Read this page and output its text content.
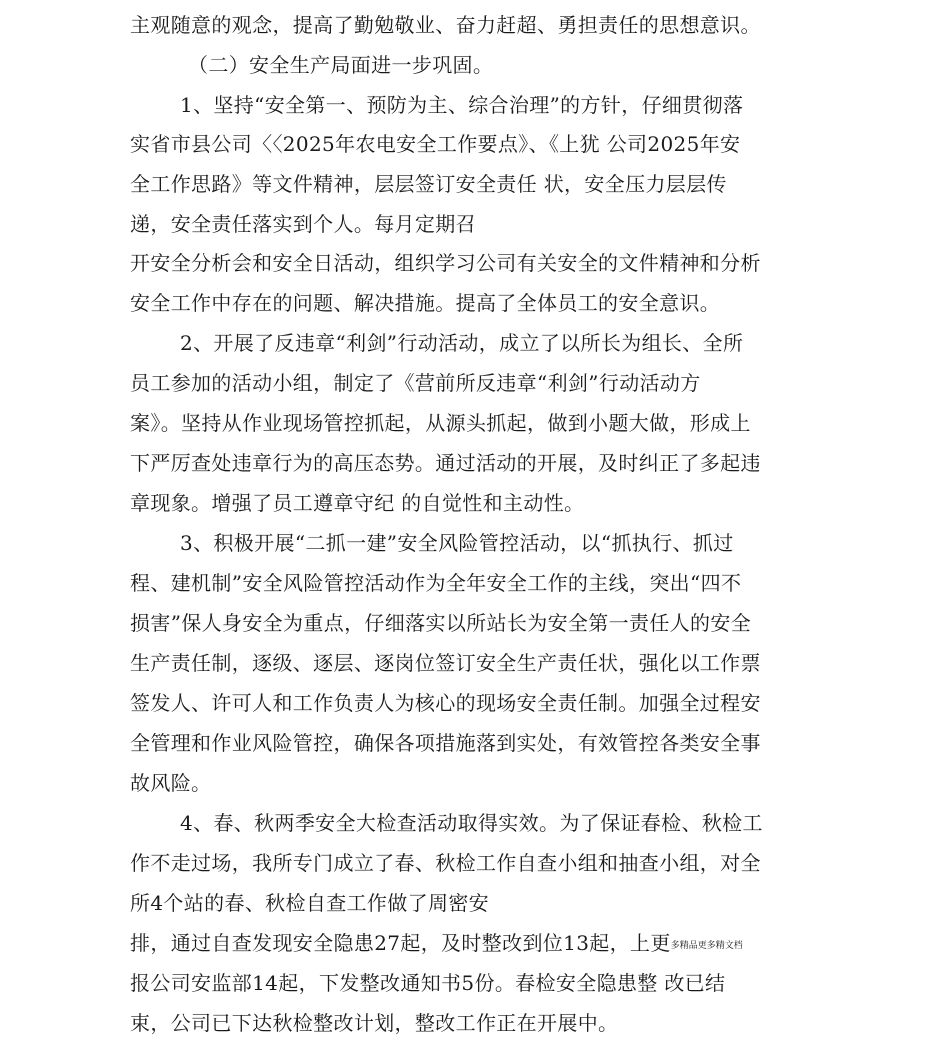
主观随意的观念，提高了勤勉敬业、奋力赶超、勇担责任的思想意识。
（二）安全生产局面进一步巩固。
1、坚持“安全第一、预防为主、综合治理”的方针，仔细贯彻落
实省市县公司〈〈2025年农电安全工作要点》、《上犹 公司2025年安
全工作思路》等文件精神，层层签订安全责任 状，安全压力层层传
递，安全责任落实到个人。每月定期召
开安全分析会和安全日活动，组织学习公司有关安全的文件精神和分析
安全工作中存在的问题、解决措施。提高了全体员工的安全意识。
2、开展了反违章“利剑”行动活动，成立了以所长为组长、全所
员工参加的活动小组，制定了《营前所反违章“利剑”行动活动方
案》。坚持从作业现场管控抓起，从源头抓起，做到小题大做，形成上
下严厉查处违章行为的高压态势。通过活动的开展，及时纠正了多起违
章现象。增强了员工遵章守纪 的自觉性和主动性。
3、积极开展“二抓一建”安全风险管控活动，以“抓执行、抓过
程、建机制”安全风险管控活动作为全年安全工作的主线，突出“四不
损害”保人身安全为重点，仔细落实以所站长为安全第一责任人的安全
生产责任制，逐级、逐层、逐岗位签订安全生产责任状，强化以工作票
签发人、许可人和工作负责人为核心的现场安全责任制。加强全过程安
全管理和作业风险管控，确保各项措施落到实处，有效管控各类安全事
故风险。
4、春、秋两季安全大检查活动取得实效。为了保证春检、秋检工
作不走过场，我所专门成立了春、秋检工作自查小组和抽查小组，对全
所4个站的春、秋检自查工作做了周密安
排，通过自查发现安全隐患27起，及时整改到位13起，上更多精品更多精文档
报公司安监部14起，下发整改通知书5份。春检安全隐患整 改已结
束，公司已下达秋检整改计划，整改工作正在开展中。
